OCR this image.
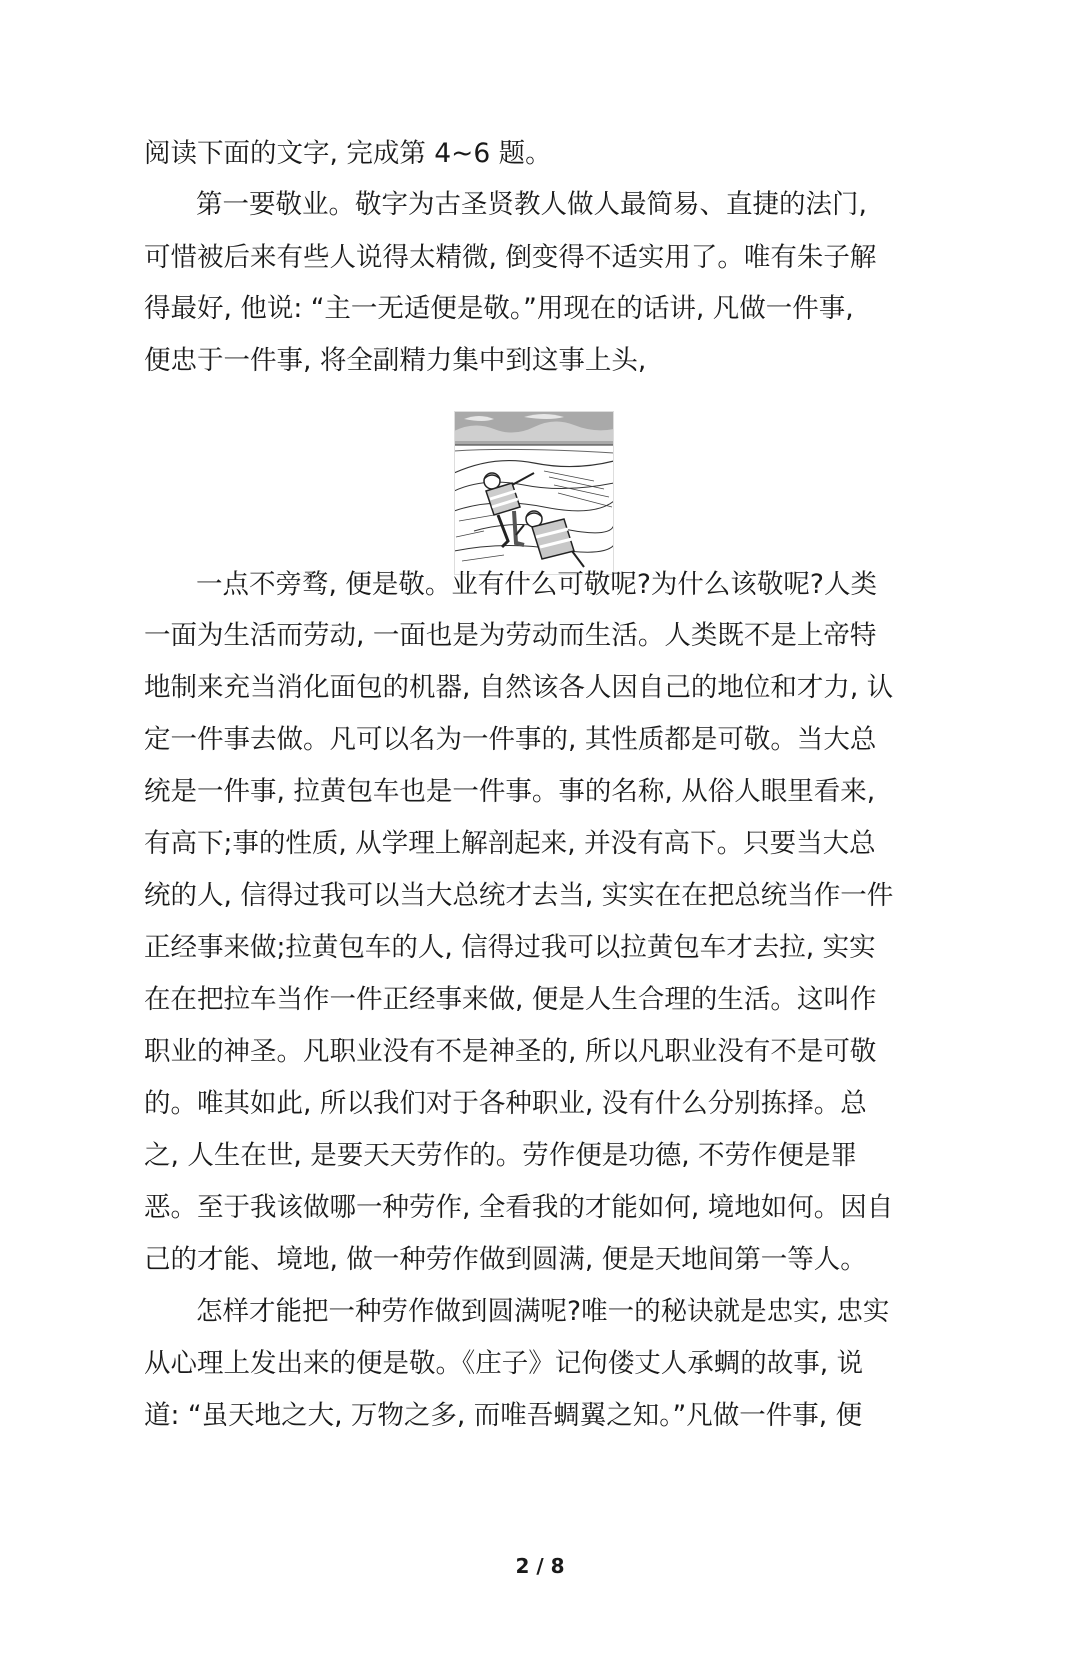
阅读下面的文字, 完成第 4~6 题。
第一要敬业。敬字为古圣贤教人做人最简易、直捷的法门,
可惜被后来有些人说得太精微, 倒变得不适实用了。唯有朱子解
得最好, 他说: “主一无适便是敬。”用现在的话讲, 凡做一件事,
便忠于一件事, 将全副精力集中到这事上头,
一点不旁骛, 便是敬。业有什么可敬呢?为什么该敬呢?人类
一面为生活而劳动, 一面也是为劳动而生活。人类既不是上帝特
地制来充当消化面包的机器, 自然该各人因自己的地位和才力, 认
定一件事去做。凡可以名为一件事的, 其性质都是可敬。当大总
统是一件事, 拉黄包车也是一件事。事的名称, 从俗人眼里看来,
有高下;事的性质, 从学理上解剖起来, 并没有高下。只要当大总
统的人, 信得过我可以当大总统才去当, 实实在在把总统当作一件
正经事来做;拉黄包车的人, 信得过我可以拉黄包车才去拉, 实实
在在把拉车当作一件正经事来做, 便是人生合理的生活。这叫作
职业的神圣。凡职业没有不是神圣的, 所以凡职业没有不是可敬
的。唯其如此, 所以我们对于各种职业, 没有什么分别拣择。总
之, 人生在世, 是要天天劳作的。劳作便是功德, 不劳作便是罪
恶。至于我该做哪一种劳作, 全看我的才能如何, 境地如何。因自
己的才能、境地, 做一种劳作做到圆满, 便是天地间第一等人。
怎样才能把一种劳作做到圆满呢?唯一的秘诀就是忠实, 忠实
从心理上发出来的便是敬。《庄子》记佝偻丈人承蜩的故事, 说
道: “虽天地之大, 万物之多, 而唯吾蜩翼之知。”凡做一件事, 便
2 / 8
